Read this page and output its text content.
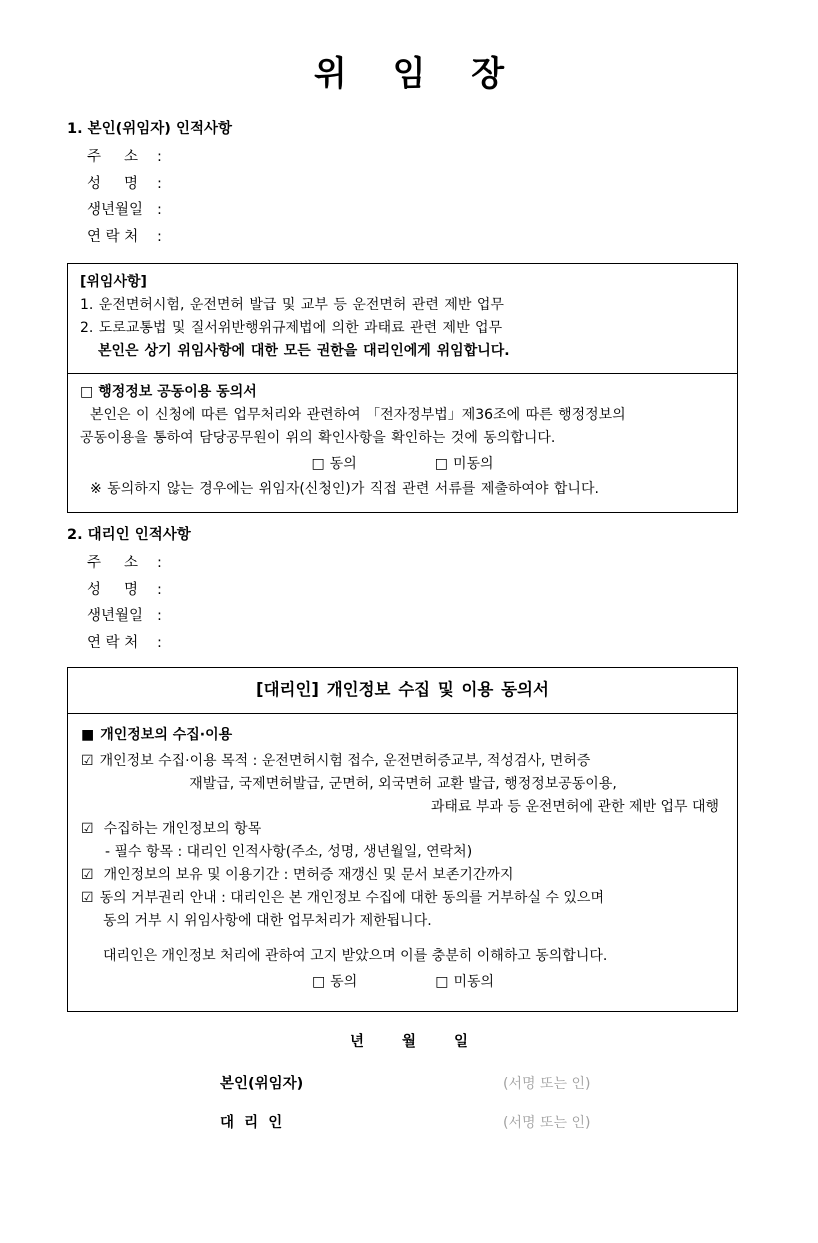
위 임 장
1. 본인(위임자) 인적사항
주     소	:
성     명	:
생년월일 :
연 락 처	:
[위임사항]
1. 운전면허시험, 운전면허 발급 및 교부 등 운전면허 관련 제반 업무
2. 도로교통법 및 질서위반행위규제법에 의한 과태료 관련 제반 업무
본인은 상기 위임사항에 대한 모든 권한을 대리인에게 위임합니다.
□ 행정정보 공동이용 동의서
본인은 이 신청에 따른 업무처리와 관련하여 「전자정부법」제36조에 따른 행정정보의
공동이용을 통하여 담당공무원이 위의 확인사항을 확인하는 것에 동의합니다.
□ 동의	□ 미동의
※ 동의하지 않는 경우에는 위임자(신청인)가 직접 관련 서류를 제출하여야 합니다.
2. 대리인 인적사항
주     소	:
성     명	:
생년월일 :
연 락 처	:
[대리인] 개인정보 수집 및 이용 동의서
■ 개인정보의 수집·이용
☑ 개인정보 수집·이용 목적 : 운전면허시험 접수, 운전면허증교부, 적성검사, 면허증
재발급, 국제면허발급, 군면허, 외국면허 교환 발급, 행정정보공동이용,
과태료 부과 등 운전면허에 관한 제반 업무 대행
☑ 수집하는 개인정보의 항목
- 필수 항목 : 대리인 인적사항(주소, 성명, 생년월일, 연락처)
☑ 개인정보의 보유 및 이용기간 : 면허증 재갱신 및 문서 보존기간까지
☑ 동의 거부권리 안내 : 대리인은 본 개인정보 수집에 대한 동의를 거부하실 수 있으며
동의 거부 시 위임사항에 대한 업무처리가 제한됩니다.
대리인은 개인정보 처리에 관하여 고지 받았으며 이를 충분히 이해하고 동의합니다.
□ 동의	□ 미동의
년	월	일
본인(위임자)	(서명 또는 인)
대  리  인	(서명 또는 인)
